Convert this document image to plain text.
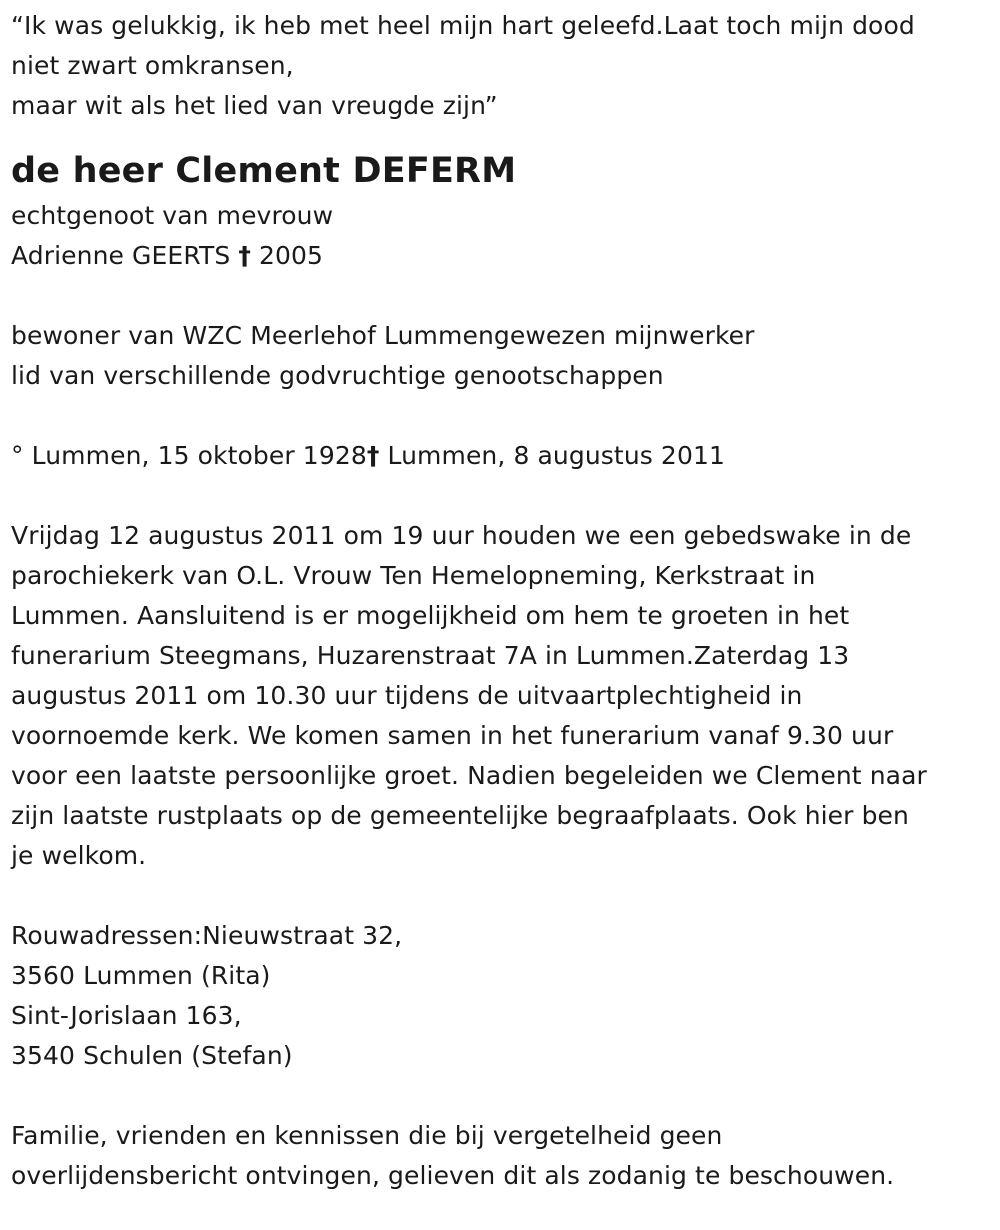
“Ik was gelukkig, ik heb met heel mijn hart geleefd.Laat toch mijn dood
niet zwart omkransen,
maar wit als het lied van vreugde zijn”
de heer Clement DEFERM
echtgenoot van mevrouw
Adrienne GEERTS † 2005
bewoner van WZC Meerlehof Lummengewezen mijnwerker
lid van verschillende godvruchtige genootschappen
° Lummen, 15 oktober 1928† Lummen, 8 augustus 2011
Vrijdag 12 augustus 2011 om 19 uur houden we een gebedswake in de
parochiekerk van O.L. Vrouw Ten Hemelopneming, Kerkstraat in
Lummen. Aansluitend is er mogelijkheid om hem te groeten in het
funerarium Steegmans, Huzarenstraat 7A in Lummen.Zaterdag 13
augustus 2011 om 10.30 uur tijdens de uitvaartplechtigheid in
voornoemde kerk. We komen samen in het funerarium vanaf 9.30 uur
voor een laatste persoonlijke groet. Nadien begeleiden we Clement naar
zijn laatste rustplaats op de gemeentelijke begraafplaats. Ook hier ben
je welkom.
Rouwadressen:Nieuwstraat 32,
3560 Lummen (Rita)
Sint-Jorislaan 163,
3540 Schulen (Stefan)
Familie, vrienden en kennissen die bij vergetelheid geen
overlijdensbericht ontvingen, gelieven dit als zodanig te beschouwen.
